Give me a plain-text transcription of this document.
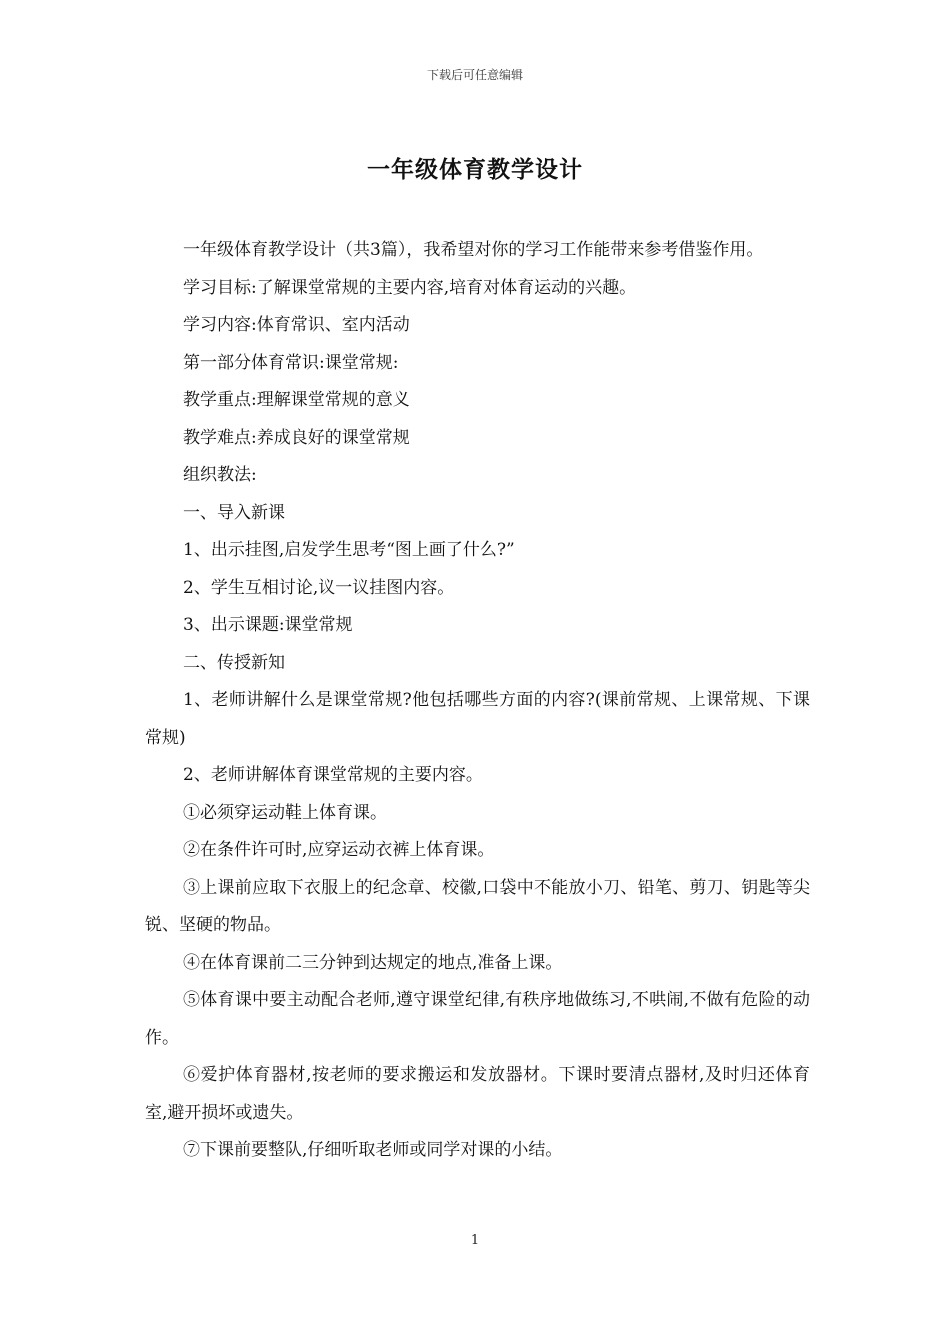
下载后可任意编辑
一年级体育教学设计

一年级体育教学设计（共3篇），我希望对你的学习工作能带来参考借鉴作用。

学习目标:了解课堂常规的主要内容,培育对体育运动的兴趣。

学习内容:体育常识、室内活动

第一部分体育常识:课堂常规:

教学重点:理解课堂常规的意义

教学难点:养成良好的课堂常规

组织教法:

一、导入新课

1、出示挂图,启发学生思考“图上画了什么?”

2、学生互相讨论,议一议挂图内容。

3、出示课题:课堂常规

二、传授新知

1、老师讲解什么是课堂常规?他包括哪些方面的内容?(课前常规、上课常规、下课常规)

2、老师讲解体育课堂常规的主要内容。

①必须穿运动鞋上体育课。

②在条件许可时,应穿运动衣裤上体育课。

③上课前应取下衣服上的纪念章、校徽,口袋中不能放小刀、铅笔、剪刀、钥匙等尖锐、坚硬的物品。

④在体育课前二三分钟到达规定的地点,准备上课。

⑤体育课中要主动配合老师,遵守课堂纪律,有秩序地做练习,不哄闹,不做有危险的动作。

⑥爱护体育器材,按老师的要求搬运和发放器材。下课时要清点器材,及时归还体育室,避开损坏或遗失。

⑦下课前要整队,仔细听取老师或同学对课的小结。

1
